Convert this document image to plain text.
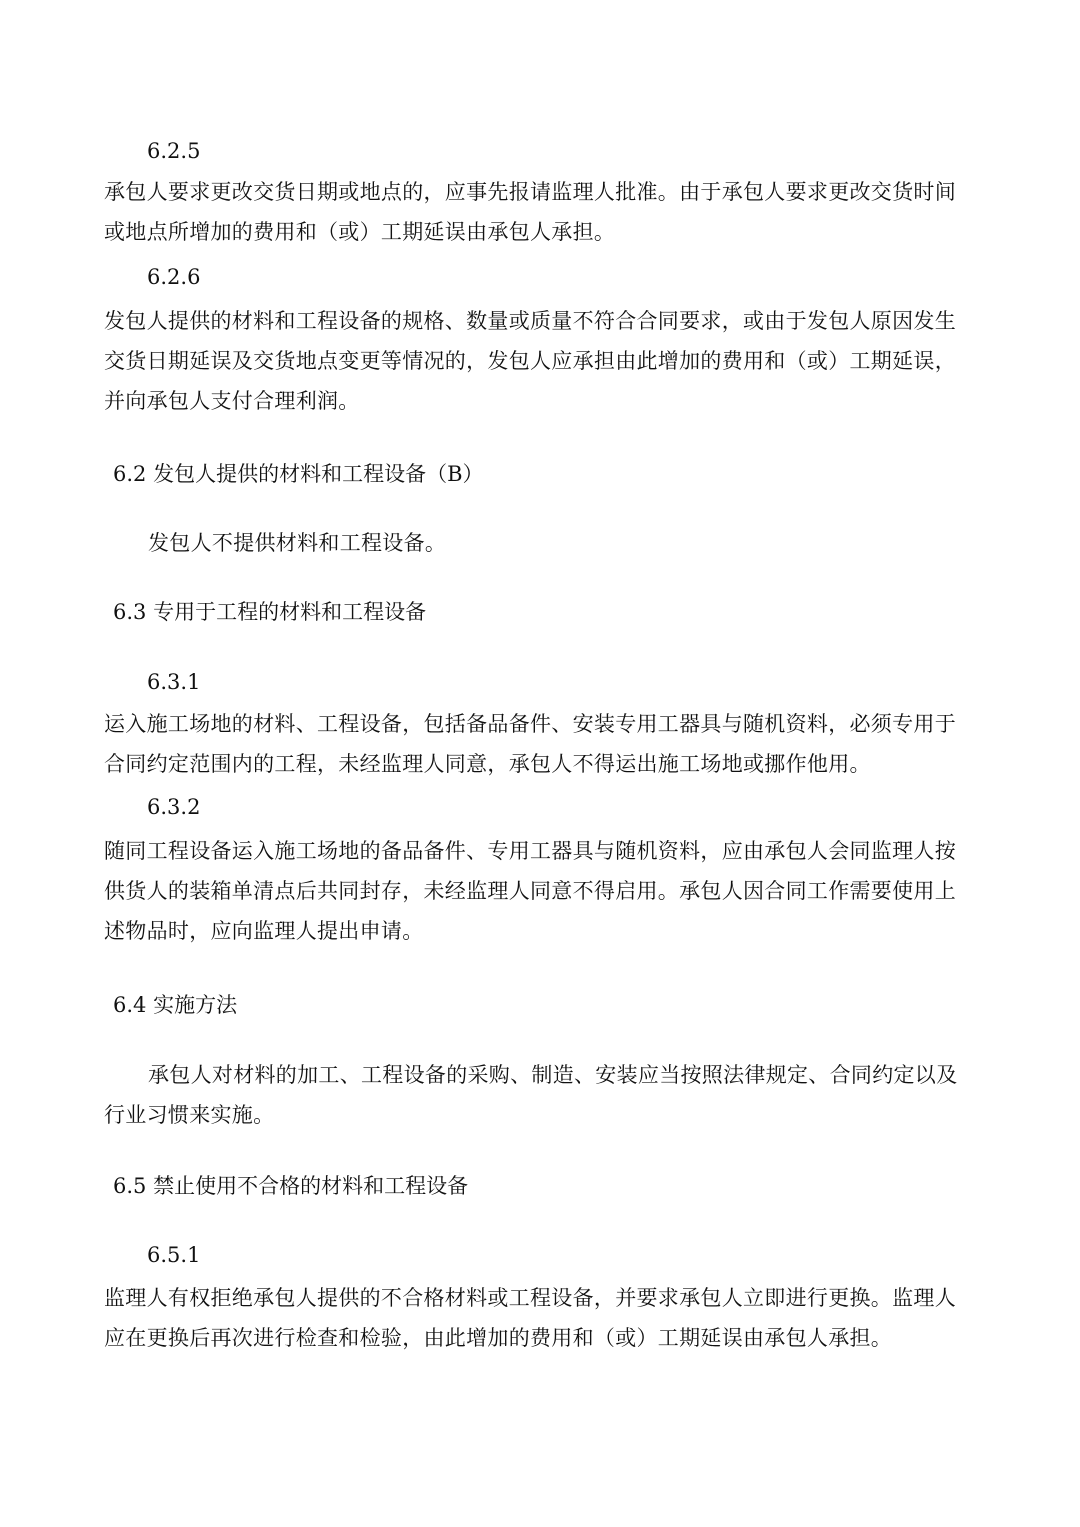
6.2.5
承包人要求更改交货日期或地点的，应事先报请监理人批准。由于承包人要求更改交货时间或地点所增加的费用和（或）工期延误由承包人承担。
6.2.6
发包人提供的材料和工程设备的规格、数量或质量不符合合同要求，或由于发包人原因发生交货日期延误及交货地点变更等情况的，发包人应承担由此增加的费用和（或）工期延误，并向承包人支付合理利润。
6.2 发包人提供的材料和工程设备（B）
发包人不提供材料和工程设备。
6.3 专用于工程的材料和工程设备
6.3.1
运入施工场地的材料、工程设备，包括备品备件、安装专用工器具与随机资料，必须专用于合同约定范围内的工程，未经监理人同意，承包人不得运出施工场地或挪作他用。
6.3.2
随同工程设备运入施工场地的备品备件、专用工器具与随机资料，应由承包人会同监理人按供货人的装箱单清点后共同封存，未经监理人同意不得启用。承包人因合同工作需要使用上述物品时，应向监理人提出申请。
6.4 实施方法
承包人对材料的加工、工程设备的采购、制造、安装应当按照法律规定、合同约定以及行业习惯来实施。
6.5 禁止使用不合格的材料和工程设备
6.5.1
监理人有权拒绝承包人提供的不合格材料或工程设备，并要求承包人立即进行更换。监理人应在更换后再次进行检查和检验，由此增加的费用和（或）工期延误由承包人承担。
